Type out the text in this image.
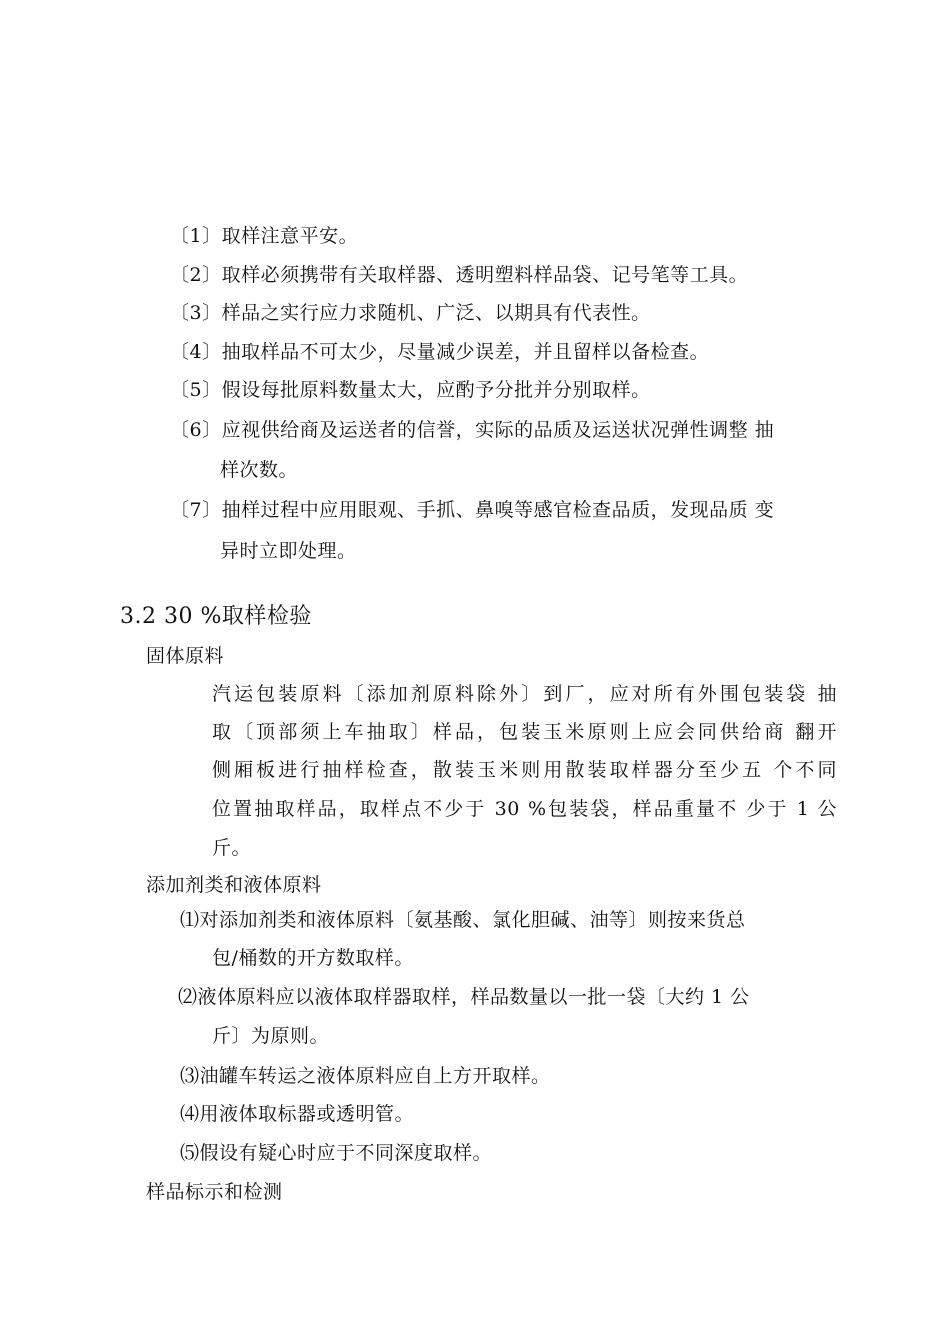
〔1〕取样注意平安。
〔2〕取样必须携带有关取样器、透明塑料样品袋、记号笔等工具。
〔3〕样品之实行应力求随机、广泛、以期具有代表性。
〔4〕抽取样品不可太少，尽量减少误差，并且留样以备检查。
〔5〕假设每批原料数量太大，应酌予分批并分别取样。
〔6〕应视供给商及运送者的信誉，实际的品质及运送状况弹性调整 抽
样次数。
〔7〕抽样过程中应用眼观、手抓、鼻嗅等感官检查品质，发现品质 变
异时立即处理。
3.2 30 %取样检验
固体原料
汽运包装原料〔添加剂原料除外〕到厂，应对所有外围包装袋 抽
取〔顶部须上车抽取〕样品，包装玉米原则上应会同供给商 翻开
侧厢板进行抽样检查，散装玉米则用散装取样器分至少五 个不同
位置抽取样品，取样点不少于 30 %包装袋，样品重量不 少于 1 公
斤。
添加剂类和液体原料
⑴对添加剂类和液体原料〔氨基酸、氯化胆碱、油等〕则按来货总
包/桶数的开方数取样。
⑵液体原料应以液体取样器取样，样品数量以一批一袋〔大约 1 公
斤〕为原则。
⑶油罐车转运之液体原料应自上方开取样。
⑷用液体取标器或透明管。
⑸假设有疑心时应于不同深度取样。
样品标示和检测
